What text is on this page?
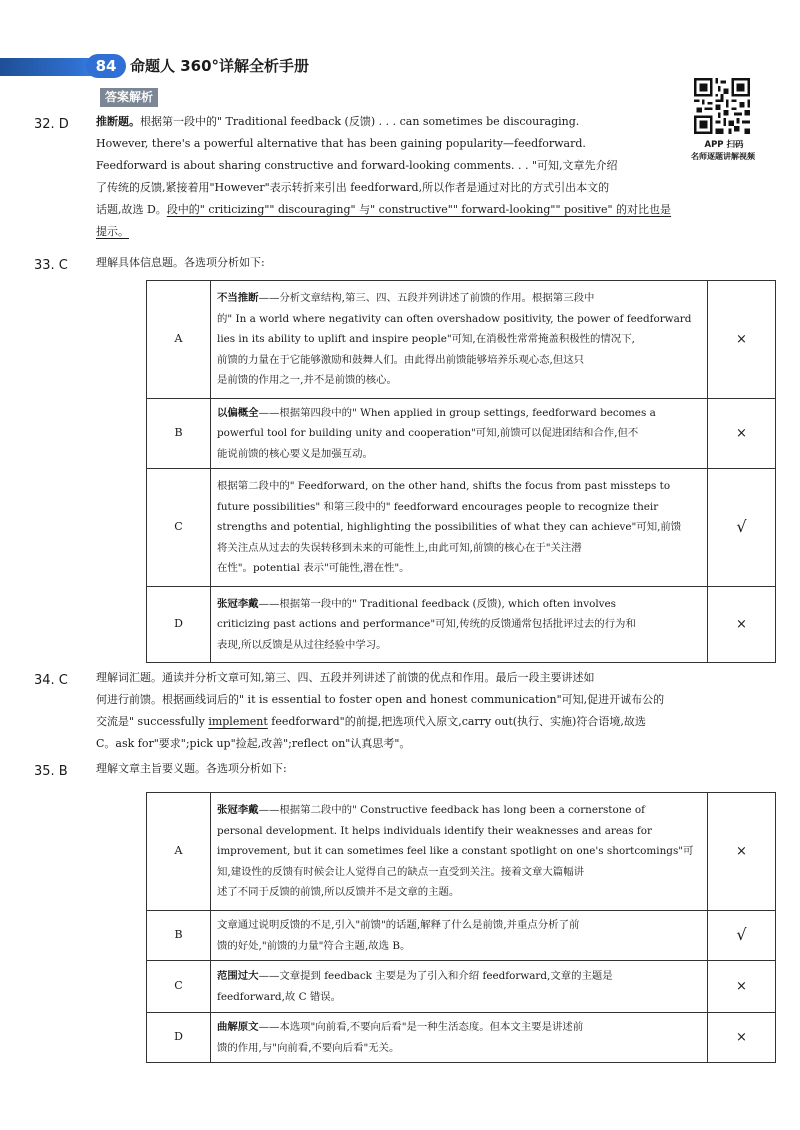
84 命题人 360°详解全析手册
答案解析
APP 扫码
名师逐题讲解视频
32. D 推断题。根据第一段中的" Traditional feedback (反馈) . . . can sometimes be discouraging.
However, there's a powerful alternative that has been gaining popularity—feedforward.
Feedforward is about sharing constructive and forward-looking comments. . . "可知,文章先介绍
了传统的反馈,紧接着用"However"表示转折来引出 feedforward,所以作者是通过对比的方式引出本文的
话题,故选 D。段中的" criticizing"" discouraging" 与" constructive"" forward-looking"" positive" 的对比也是
提示。
33. C	理解具体信息题。各选项分析如下:
A	不当推断——分析文章结构,第三、四、五段并列讲述了前馈的作用。根据第三段中
的" In a world where negativity can often overshadow positivity, the power of feedforward
lies in its ability to uplift and inspire people"可知,在消极性常常掩盖积极性的情况下,
前馈的力量在于它能够激励和鼓舞人们。由此得出前馈能够培养乐观心态,但这只
是前馈的作用之一,并不是前馈的核心。	×
B	以偏概全——根据第四段中的" When applied in group settings, feedforward becomes a
powerful tool for building unity and cooperation"可知,前馈可以促进团结和合作,但不
能说前馈的核心要义是加强互动。	×
C	根据第二段中的" Feedforward, on the other hand, shifts the focus from past missteps to
future possibilities" 和第三段中的" feedforward encourages people to recognize their
strengths and potential, highlighting the possibilities of what they can achieve"可知,前馈
将关注点从过去的失误转移到未来的可能性上,由此可知,前馈的核心在于"关注潜
在性"。potential 表示"可能性,潜在性"。	√
D	张冠李戴——根据第一段中的" Traditional feedback (反馈), which often involves
criticizing past actions and performance"可知,传统的反馈通常包括批评过去的行为和
表现,所以反馈是从过往经验中学习。	×
34. C	理解词汇题。通读并分析文章可知,第三、四、五段并列讲述了前馈的优点和作用。最后一段主要讲述如
何进行前馈。根据画线词后的" it is essential to foster open and honest communication"可知,促进开诚布公的
交流是" successfully implement feedforward"的前提,把选项代入原文,carry out(执行、实施)符合语境,故选
C。ask for"要求";pick up"捡起,改善";reflect on"认真思考"。
35. B	理解文章主旨要义题。各选项分析如下:
A	张冠李戴——根据第二段中的" Constructive feedback has long been a cornerstone of
personal development. It helps individuals identify their weaknesses and areas for
improvement, but it can sometimes feel like a constant spotlight on one's shortcomings"可
知,建设性的反馈有时候会让人觉得自己的缺点一直受到关注。接着文章大篇幅讲
述了不同于反馈的前馈,所以反馈并不是文章的主题。	×
B	文章通过说明反馈的不足,引入"前馈"的话题,解释了什么是前馈,并重点分析了前
馈的好处,"前馈的力量"符合主题,故选 B。	√
C	范围过大——文章提到 feedback 主要是为了引入和介绍 feedforward,文章的主题是
feedforward,故 C 错误。	×
D	曲解原文——本选项"向前看,不要向后看"是一种生活态度。但本文主要是讲述前
馈的作用,与"向前看,不要向后看"无关。	×
